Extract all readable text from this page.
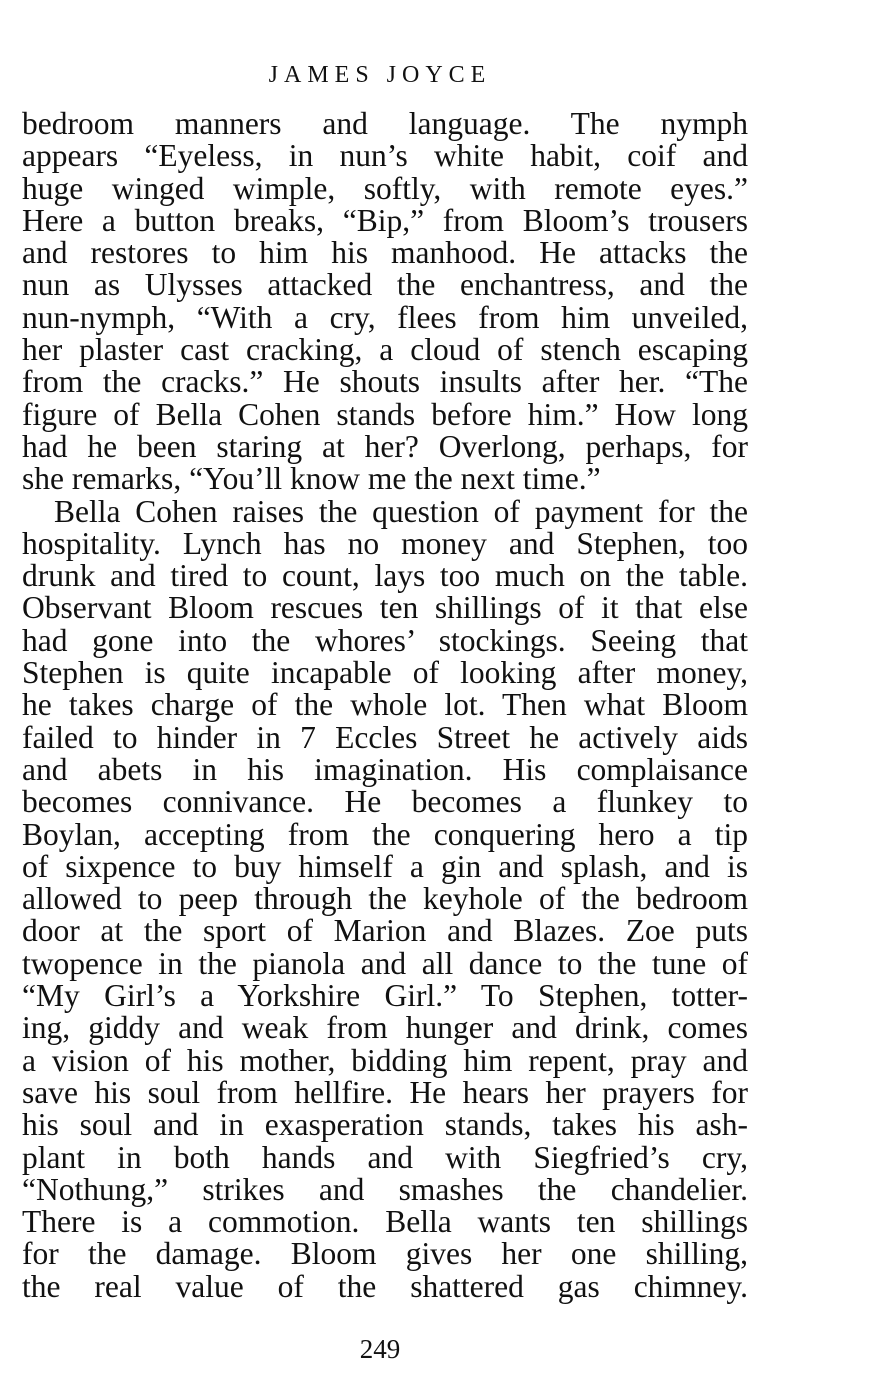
JAMES JOYCE
bedroom manners and language. The nymph
appears “Eyeless, in nun’s white habit, coif and
huge winged wimple, softly, with remote eyes.”
Here a button breaks, “Bip,” from Bloom’s trousers
and restores to him his manhood. He attacks the
nun as Ulysses attacked the enchantress, and the
nun-nymph, “With a cry, flees from him unveiled,
her plaster cast cracking, a cloud of stench escaping
from the cracks.” He shouts insults after her. “The
figure of Bella Cohen stands before him.” How long
had he been staring at her? Overlong, perhaps, for
she remarks, “You’ll know me the next time.”
Bella Cohen raises the question of payment for the
hospitality. Lynch has no money and Stephen, too
drunk and tired to count, lays too much on the table.
Observant Bloom rescues ten shillings of it that else
had gone into the whores’ stockings. Seeing that
Stephen is quite incapable of looking after money,
he takes charge of the whole lot. Then what Bloom
failed to hinder in 7 Eccles Street he actively aids
and abets in his imagination. His complaisance
becomes connivance. He becomes a flunkey to
Boylan, accepting from the conquering hero a tip
of sixpence to buy himself a gin and splash, and is
allowed to peep through the keyhole of the bedroom
door at the sport of Marion and Blazes. Zoe puts
twopence in the pianola and all dance to the tune of
“My Girl’s a Yorkshire Girl.” To Stephen, totter-
ing, giddy and weak from hunger and drink, comes
a vision of his mother, bidding him repent, pray and
save his soul from hellfire. He hears her prayers for
his soul and in exasperation stands, takes his ash-
plant in both hands and with Siegfried’s cry,
“Nothung,” strikes and smashes the chandelier.
There is a commotion. Bella wants ten shillings
for the damage. Bloom gives her one shilling,
the real value of the shattered gas chimney.
249
